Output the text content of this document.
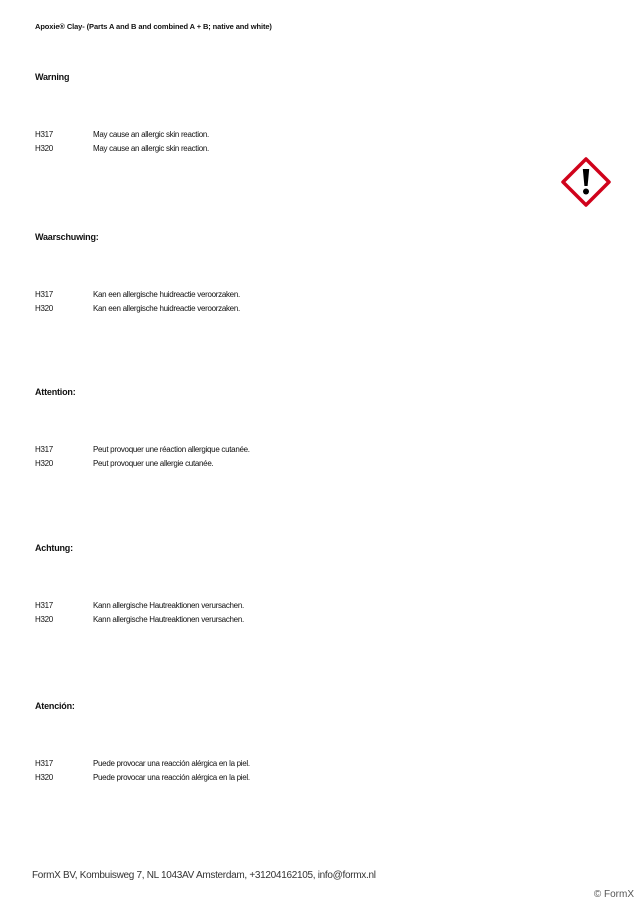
Apoxie® Clay- (Parts A and B and combined A + B; native and white)
Warning
H317	May cause an allergic skin reaction.
H320	May cause an allergic skin reaction.
Waarschuwing:
H317	Kan een allergische huidreactie veroorzaken.
H320	Kan een allergische huidreactie veroorzaken.
Attention:
H317	Peut provoquer une réaction allergique cutanée.
H320	Peut provoquer une allergie cutanée.
Achtung:
H317	Kann allergische Hautreaktionen verursachen.
H320	Kann allergische Hautreaktionen verursachen.
Atención:
H317	Puede provocar una reacción alérgica en la piel.
H320	Puede provocar una reacción alérgica en la piel.
FormX BV, Kombuisweg 7, NL 1043AV Amsterdam, +31204162105, info@formx.nl
© FormX
